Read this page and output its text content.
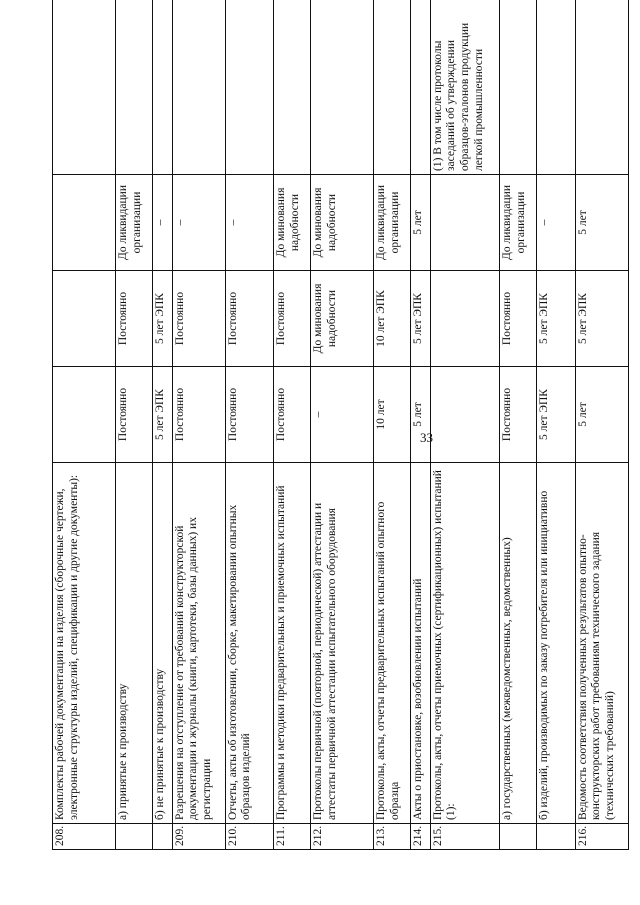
33
208.	Комплекты рабочей документации на изделия (сборочные чертежи, электронные структуры изделий, спецификации и другие документы):				
	а) принятые к производству	Постоянно	Постоянно	До ликвидации организации	
	б) не принятые к производству	5 лет ЭПК	5 лет ЭПК	–	
209.	Разрешения на отступление от требований конструкторской документации и журналы (книги, картотеки, базы данных) их регистрации	Постоянно	Постоянно	–	
210.	Отчеты, акты об изготовлении, сборке, макетировании опытных образцов изделий	Постоянно	Постоянно	–	
211.	Программы и методики предварительных и приемочных испытаний	Постоянно	Постоянно	До минования надобности	
212.	Протоколы первичной (повторной, периодической) аттестации и аттестаты первичной аттестации испытательного оборудования	–	До минования надобности	До минования надобности	
213.	Протоколы, акты, отчеты предварительных испытаний опытного образца	10 лет	10 лет ЭПК	До ликвидации организации	
214.	Акты о приостановке, возобновлении испытаний	5 лет	5 лет ЭПК	5 лет	
215.	Протоколы, акты, отчеты приемочных (сертификационных) испытаний (1):				(1) В том числе протоколы заседаний об утверждении образцов-эталонов продукции легкой промышленности
	а) государственных (межведомственных, ведомственных)	Постоянно	Постоянно	До ликвидации организации	
	б) изделий, производимых по заказу потребителя или инициативно	5 лет ЭПК	5 лет ЭПК	–	
216.	Ведомость соответствия полученных результатов опытно-конструкторских работ требованиям технического задания (технических требований)	5 лет	5 лет ЭПК	5 лет	
